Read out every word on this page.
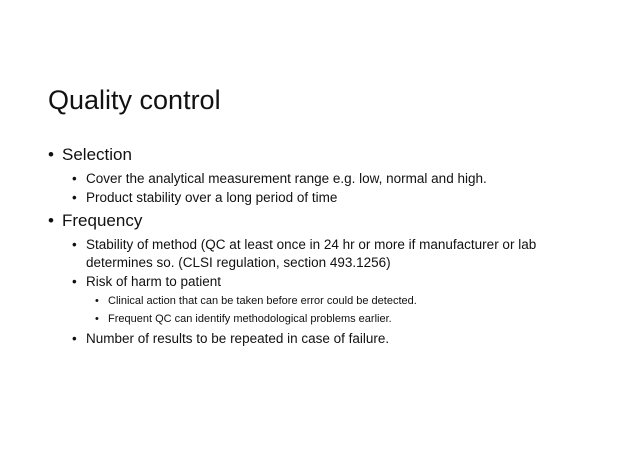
Quality control
• Selection
• Cover the analytical measurement range e.g. low, normal and high.
• Product stability over a long period of time
• Frequency
• Stability of method (QC at least once in 24 hr or more if manufacturer or lab
determines so. (CLSI regulation, section 493.1256)
• Risk of harm to patient
• Clinical action that can be taken before error could be detected.
• Frequent QC can identify methodological problems earlier.
• Number of results to be repeated in case of failure.
